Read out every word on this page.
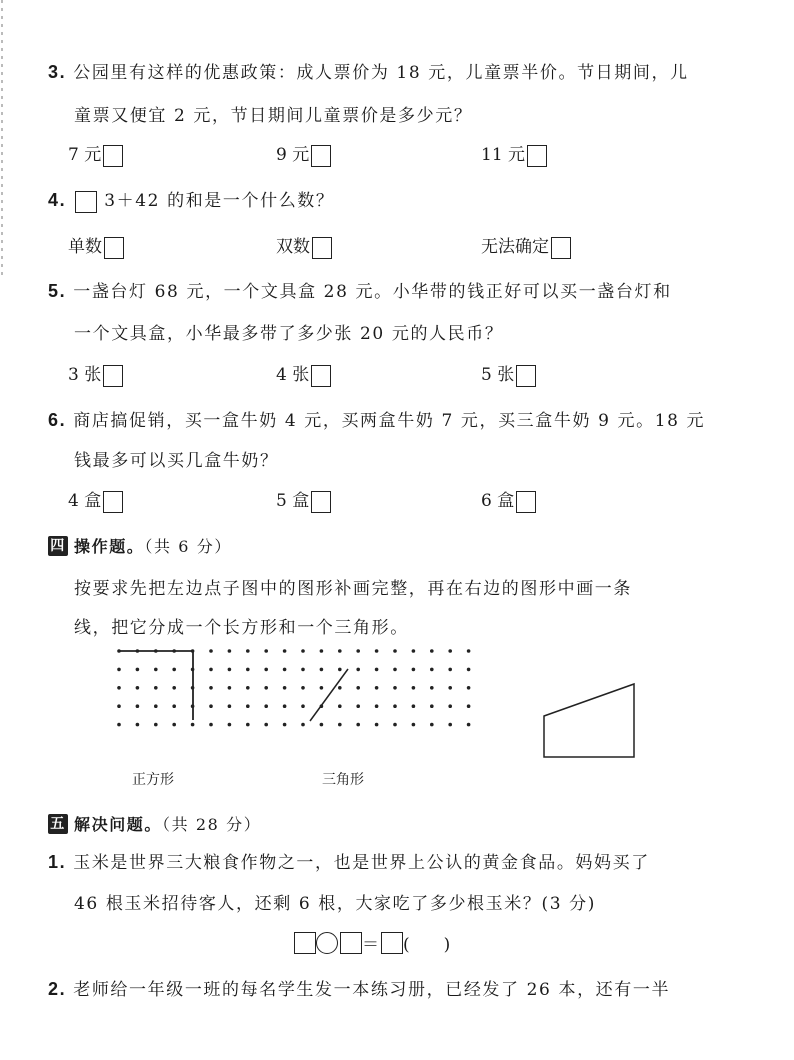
3. 公园里有这样的优惠政策：成人票价为 18 元，儿童票半价。节日期间，儿
童票又便宜 2 元，节日期间儿童票价是多少元？
7 元	9 元	11 元
4. 3＋42 的和是一个什么数？
单数	双数	无法确定
5. 一盏台灯 68 元，一个文具盒 28 元。小华带的钱正好可以买一盏台灯和
一个文具盒，小华最多带了多少张 20 元的人民币？
3 张	4 张	5 张
6. 商店搞促销，买一盒牛奶 4 元，买两盒牛奶 7 元，买三盒牛奶 9 元。18 元
钱最多可以买几盒牛奶？
4 盒	5 盒	6 盒
四 操作题。（共 6 分）
按要求先把左边点子图中的图形补画完整，再在右边的图形中画一条
线，把它分成一个长方形和一个三角形。
正方形	三角形
五 解决问题。（共 28 分）
1. 玉米是世界三大粮食作物之一，也是世界上公认的黄金食品。妈妈买了
46 根玉米招待客人，还剩 6 根，大家吃了多少根玉米？(3 分)
＝ (　　)
2. 老师给一年级一班的每名学生发一本练习册，已经发了 26 本，还有一半
